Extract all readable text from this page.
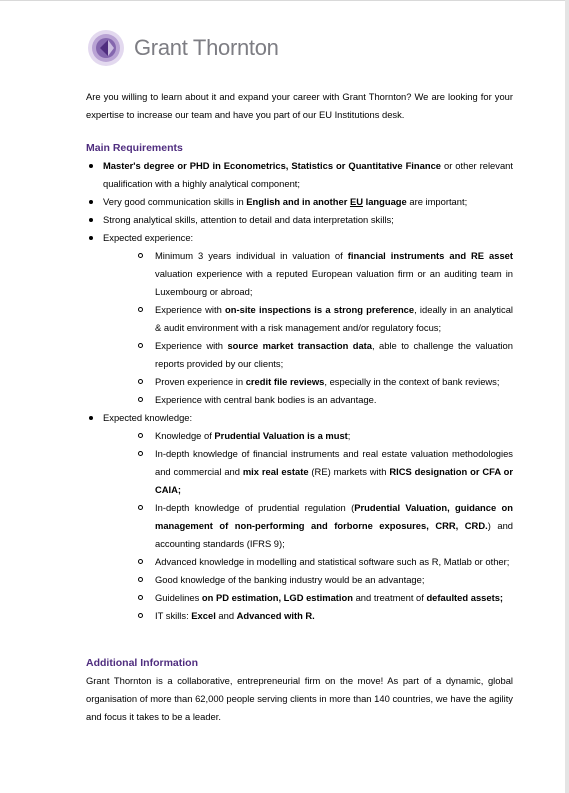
Grant Thornton

Are you willing to learn about it and expand your career with Grant Thornton? We are looking for your expertise to increase our team and have you part of our EU Institutions desk.

Main Requirements
Master's degree or PHD in Econometrics, Statistics or Quantitative Finance or other relevant qualification with a highly analytical component;
Very good communication skills in English and in another EU language are important;
Strong analytical skills, attention to detail and data interpretation skills;
Expected experience:
Minimum 3 years individual in valuation of financial instruments and RE asset valuation experience with a reputed European valuation firm or an auditing team in Luxembourg or abroad;
Experience with on-site inspections is a strong preference, ideally in an analytical & audit environment with a risk management and/or regulatory focus;
Experience with source market transaction data, able to challenge the valuation reports provided by our clients;
Proven experience in credit file reviews, especially in the context of bank reviews;
Experience with central bank bodies is an advantage.
Expected knowledge:
Knowledge of Prudential Valuation is a must;
In-depth knowledge of financial instruments and real estate valuation methodologies and commercial and mix real estate (RE) markets with RICS designation or CFA or CAIA;
In-depth knowledge of prudential regulation (Prudential Valuation, guidance on management of non-performing and forborne exposures, CRR, CRD.) and accounting standards (IFRS 9);
Advanced knowledge in modelling and statistical software such as R, Matlab or other;
Good knowledge of the banking industry would be an advantage;
Guidelines on PD estimation, LGD estimation and treatment of defaulted assets;
IT skills: Excel and Advanced with R.
Additional Information

Grant Thornton is a collaborative, entrepreneurial firm on the move! As part of a dynamic, global organisation of more than 62,000 people serving clients in more than 140 countries, we have the agility and focus it takes to be a leader.
